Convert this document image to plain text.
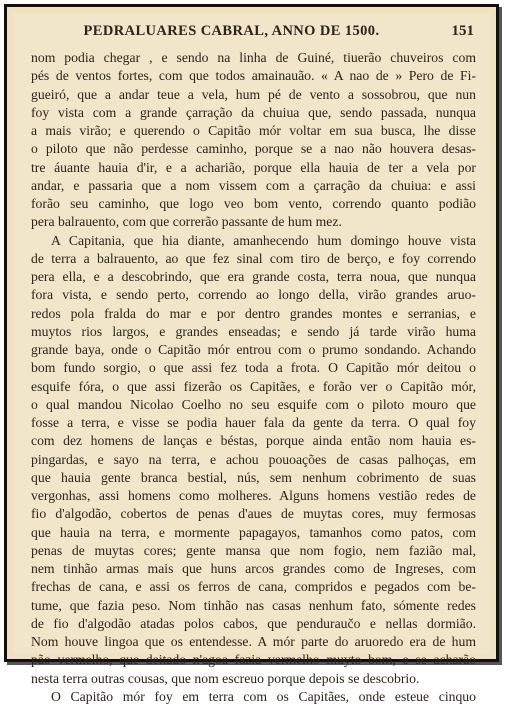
PEDRALUARES CABRAL, ANNO DE 1500.	151
nom podia chegar , e sendo na linha de Guiné, tiuerão chuveiros com
pés de ventos fortes, com que todos amainauão. « A nao de » Pero de Fi-
gueiró, que a andar teue a vela, hum pé de vento a sossobrou, que nun
foy vista com a grande çarração da chuiua que, sendo passada, nunqua
a mais virão; e querendo o Capitão mór voltar em sua busca, lhe disse
o piloto que não perdesse caminho, porque se a nao não houvera desas-
tre áuante hauia d'ir, e a acharião, porque ella hauia de ter a vela por
andar, e passaria que a nom vissem com a çarração da chuiua: e assi
forão seu caminho, que logo veo bom vento, correndo quanto podião
pera balrauento, com que correrão passante de hum mez.
A Capitania, que hia diante, amanhecendo hum domingo houve vista
de terra a balrauento, ao que fez sinal com tiro de berço, e foy correndo
pera ella, e a descobrindo, que era grande costa, terra noua, que nunqua
fora vista, e sendo perto, correndo ao longo della, virão grandes aruo-
redos pola fralda do mar e por dentro grandes montes e serranias, e
muytos rios largos, e grandes enseadas; e sendo já tarde virão huma
grande baya, onde o Capitão mór entrou com o prumo sondando. Achando
bom fundo sorgio, o que assi fez toda a frota. O Capitão mór deitou o
esquife fóra, o que assi fizerão os Capitães, e forão ver o Capitão mór,
o qual mandou Nicolao Coelho no seu esquife com o piloto mouro que
fosse a terra, e visse se podia hauer fala da gente da terra. O qual foy
com dez homens de lanças e béstas, porque ainda então nom hauia es-
pingardas, e sayo na terra, e achou pouoações de casas palhoças, em
que hauia gente branca bestial, nús, sem nenhum cobrimento de suas
vergonhas, assi homens como molheres. Alguns homens vestião redes de
fio d'algodão, cobertos de penas d'aues de muytas cores, muy fermosas
que hauia na terra, e mormente papagayos, tamanhos como patos, com
penas de muytas cores; gente mansa que nom fogio, nem fazião mal,
nem tinhão armas mais que huns arcos grandes como de Ingreses, com
frechas de cana, e assi os ferros de cana, compridos e pegados com be-
tume, que fazia peso. Nom tinhão nas casas nenhum fato, sómente redes
de fio d'algodão atadas polos cabos, que penduraučo e nellas dormião.
Nom houve lingoa que os entendesse. A mór parte do aruoredo era de hum
pão vermelho, que deitado n'agoa fazia vermelho muyto bom, e se acharão
nesta terra outras cousas, que nom escreuo porque depois se descobrio.
O Capitão mór foy em terra com os Capitães, onde esteue cinquo
